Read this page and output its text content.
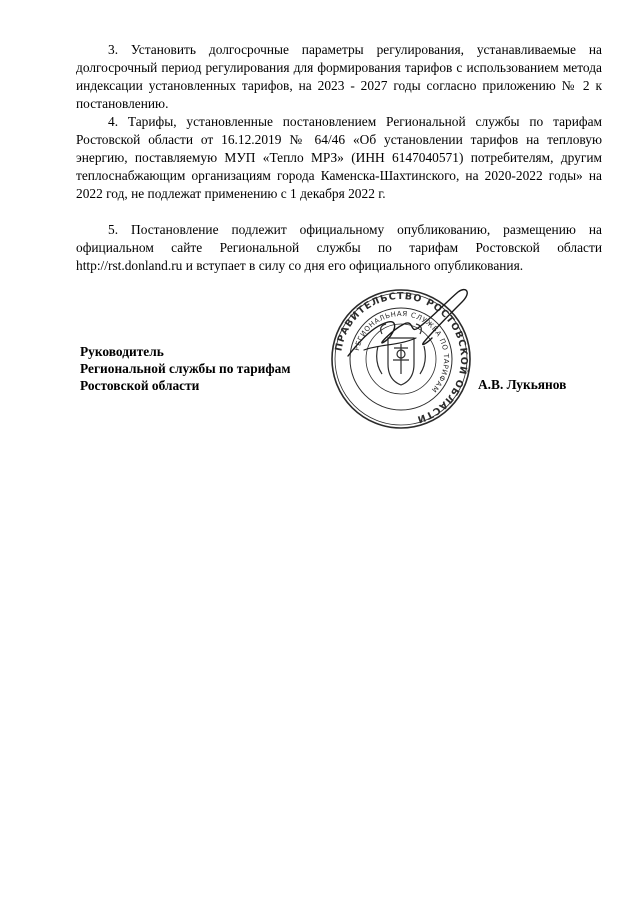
3. Установить долгосрочные параметры регулирования, устанавливаемые на долгосрочный период регулирования для формирования тарифов с использованием метода индексации установленных тарифов, на 2023 - 2027 годы согласно приложению № 2 к постановлению.

4. Тарифы, установленные постановлением Региональной службы по тарифам Ростовской области от 16.12.2019 № 64/46 «Об установлении тарифов на тепловую энергию, поставляемую МУП «Тепло МРЗ» (ИНН 6147040571) потребителям, другим теплоснабжающим организациям города Каменска-Шахтинского, на 2020-2022 годы» на 2022 год, не подлежат применению с 1 декабря 2022 г.

5. Постановление подлежит официальному опубликованию, размещению на официальном сайте Региональной службы по тарифам Ростовской области http://rst.donland.ru и вступает в силу со дня его официального опубликования.

Руководитель
Региональной службы по тарифам
Ростовской области
ПРАВИТЕЛЬСТВО РОСТОВСКОЙ ОБЛАСТИ
РЕГИОНАЛЬНАЯ СЛУЖБА ПО ТАРИФАМ	А.В. Лукьянов
